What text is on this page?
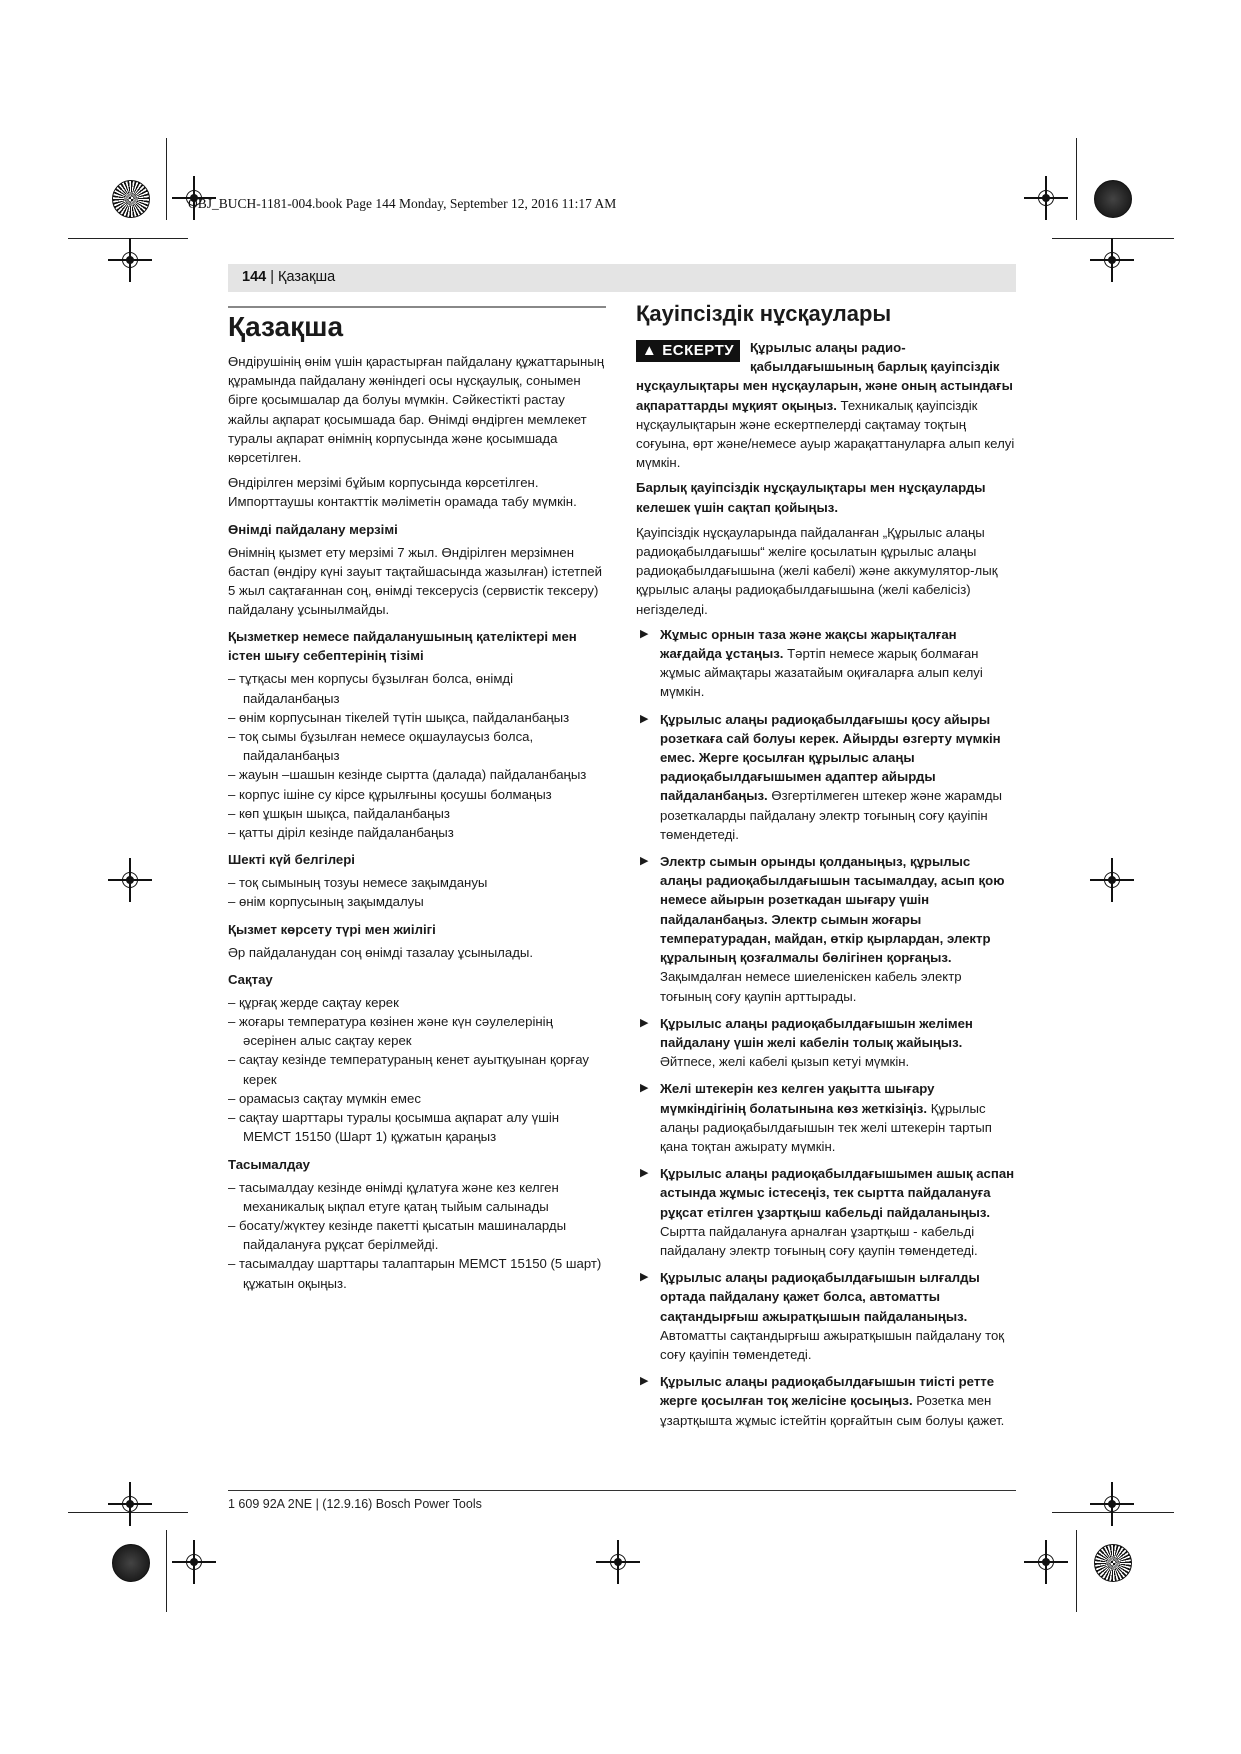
OBJ_BUCH-1181-004.book Page 144 Monday, September 12, 2016 11:17 AM
144 | Қазақша
Қазақша

Өндірушінің өнім үшін қарастырған пайдалану құжаттарының құрамында пайдалану жөніндегі осы нұсқаулық, сонымен бірге қосымшалар да болуы мүмкін. Сәйкестікті растау жайлы ақпарат қосымшада бар. Өнімді өндірген мемлекет туралы ақпарат өнімнің корпусында және қосымшада көрсетілген.

Өндірілген мерзімі бұйым корпусында көрсетілген. Импорттаушы контакттік мәліметін орамада табу мүмкін.

Өнімді пайдалану мерзімі

Өнімнің қызмет ету мерзімі 7 жыл. Өндірілген мерзімнен бастап (өндіру күні зауыт тақтайшасында жазылған) істетпей 5 жыл сақтағаннан соң, өнімді тексерусіз (сервистік тексеру) пайдалану ұсынылмайды.

Қызметкер немесе пайдаланушының қателіктері мен істен шығу себептерінің тізімі
– тұтқасы мен корпусы бұзылған болса, өнімді пайдаланбаңыз
– өнім корпусынан тікелей түтін шықса, пайдаланбаңыз
– тоқ сымы бұзылған немесе оқшаулаусыз болса, пайдаланбаңыз
– жауын –шашын кезінде сыртта (далада) пайдаланбаңыз
– корпус ішіне су кірсе құрылғыны қосушы болмаңыз
– көп ұшқын шықса, пайдаланбаңыз
– қатты діріл кезінде пайдаланбаңыз
Шекті күй белгілері
– тоқ сымының тозуы немесе зақымдануы
– өнім корпусының зақымдалуы
Қызмет көрсету түрі мен жиілігі

Әр пайдаланудан соң өнімді тазалау ұсынылады.

Сақтау
– құрғақ жерде сақтау керек
– жоғары температура көзінен және күн сәулелерінің әсерінен алыс сақтау керек
– сақтау кезінде температураның кенет ауытқуынан қорғау керек
– орамасыз сақтау мүмкін емес
– сақтау шарттары туралы қосымша ақпарат алу үшін МЕМСТ 15150 (Шарт 1) құжатын қараңыз
Тасымалдау
– тасымалдау кезінде өнімді құлатуға және кез келген механикалық ықпал етуге қатаң тыйым салынады
– босату/жүктеу кезінде пакетті қысатын машиналарды пайдалануға рұқсат берілмейді.
– тасымалдау шарттары талаптарын МЕМСТ 15150 (5 шарт) құжатын оқыңыз.
Қауіпсіздік нұсқаулары

▲ ЕСКЕРТУ	Құрылыс алаңы радио-қабылдағышының барлық қауіпсіздік нұсқаулықтары мен нұсқауларын, және оның астындағы ақпараттарды мұқият оқыңыз. Техникалық қауіпсіздік нұсқаулықтарын және ескертпелерді сақтамау тоқтың соғуына, өрт және/немесе ауыр жарақаттануларға алып келуі мүмкін.

Барлық қауіпсіздік нұсқаулықтары мен нұсқауларды келешек үшін сақтап қойыңыз.

Қауіпсіздік нұсқауларында пайдаланған „Құрылыс алаңы радиоқабылдағышы“ желіге қосылатын құрылыс алаңы радиоқабылдағышына (желі кабелі) және аккумулятор-лық құрылыс алаңы радиоқабылдағышына (желі кабелісіз) негізделеді.

▶ Жұмыс орнын таза және жақсы жарықталған жағдайда ұстаңыз. Тәртіп немесе жарық болмаған жұмыс аймақтары жазатайым оқиғаларға алып келуі мүмкін.
▶ Құрылыс алаңы радиоқабылдағышы қосу айыры розеткаға сай болуы керек. Айырды өзгерту мүмкін емес. Жерге қосылған құрылыс алаңы радиоқабылдағышымен адаптер айырды пайдаланбаңыз. Өзгертілмеген штекер және жарамды розеткаларды пайдалану электр тоғының соғу қауіпін төмендетеді.
▶ Электр сымын орынды қолданыңыз, құрылыс алаңы радиоқабылдағышын тасымалдау, асып қою немесе айырын розеткадан шығару үшін пайдаланбаңыз. Электр сымын жоғары температурадан, майдан, өткір қырлардан, электр құралының қозғалмалы бөлігінен қорғаңыз. Зақымдалған немесе шиеленіскен кабель электр тоғының соғу қаупін арттырады.
▶ Құрылыс алаңы радиоқабылдағышын желімен пайдалану үшін желі кабелін толық жайыңыз. Әйтпесе, желі кабелі қызып кетуі мүмкін.
▶ Желі штекерін кез келген уақытта шығару мүмкіндігінің болатынына көз жеткізіңіз. Құрылыс алаңы радиоқабылдағышын тек желі штекерін тартып қана тоқтан ажырату мүмкін.
▶ Құрылыс алаңы радиоқабылдағышымен ашық аспан астында жұмыс істесеңіз, тек сыртта пайдалануға рұқсат етілген ұзартқыш кабельді пайдаланыңыз. Сыртта пайдалануға арналған ұзартқыш - кабельді пайдалану электр тоғының соғу қаупін төмендетеді.
▶ Құрылыс алаңы радиоқабылдағышын ылғалды ортада пайдалану қажет болса, автоматты сақтандырғыш ажыратқышын пайдаланыңыз. Автоматты сақтандырғыш ажыратқышын пайдалану тоқ соғу қауіпін төмендетеді.
▶ Құрылыс алаңы радиоқабылдағышын тиісті ретте жерге қосылған тоқ желісіне қосыңыз. Розетка мен ұзартқышта жұмыс істейтін қорғайтын сым болуы қажет.
1 609 92A 2NE | (12.9.16) Bosch Power Tools
